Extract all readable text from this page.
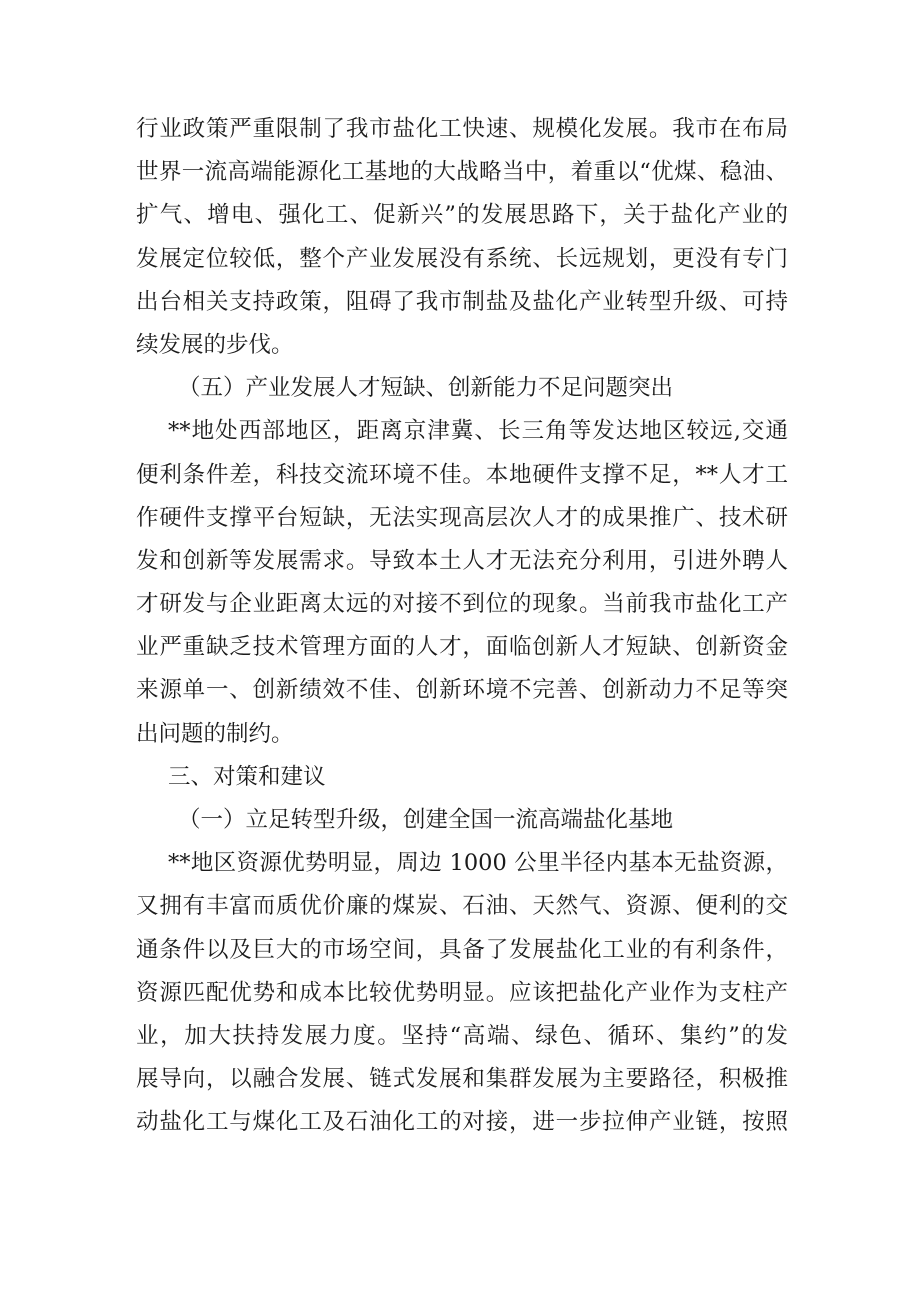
行业政策严重限制了我市盐化工快速、规模化发展。我市在布局
世界一流高端能源化工基地的大战略当中，着重以“优煤、稳油、
扩气、增电、强化工、促新兴”的发展思路下，关于盐化产业的
发展定位较低，整个产业发展没有系统、长远规划，更没有专门
出台相关支持政策，阻碍了我市制盐及盐化产业转型升级、可持
续发展的步伐。
（五）产业发展人才短缺、创新能力不足问题突出
**地处西部地区，距离京津冀、长三角等发达地区较远,交通
便利条件差，科技交流环境不佳。本地硬件支撑不足，**人才工
作硬件支撑平台短缺，无法实现高层次人才的成果推广、技术研
发和创新等发展需求。导致本土人才无法充分利用，引进外聘人
才研发与企业距离太远的对接不到位的现象。当前我市盐化工产
业严重缺乏技术管理方面的人才，面临创新人才短缺、创新资金
来源单一、创新绩效不佳、创新环境不完善、创新动力不足等突
出问题的制约。
三、对策和建议
（一）立足转型升级，创建全国一流高端盐化基地
**地区资源优势明显，周边 1000 公里半径内基本无盐资源，
又拥有丰富而质优价廉的煤炭、石油、天然气、资源、便利的交
通条件以及巨大的市场空间，具备了发展盐化工业的有利条件，
资源匹配优势和成本比较优势明显。应该把盐化产业作为支柱产
业，加大扶持发展力度。坚持“高端、绿色、循环、集约”的发
展导向，以融合发展、链式发展和集群发展为主要路径，积极推
动盐化工与煤化工及石油化工的对接，进一步拉伸产业链，按照
